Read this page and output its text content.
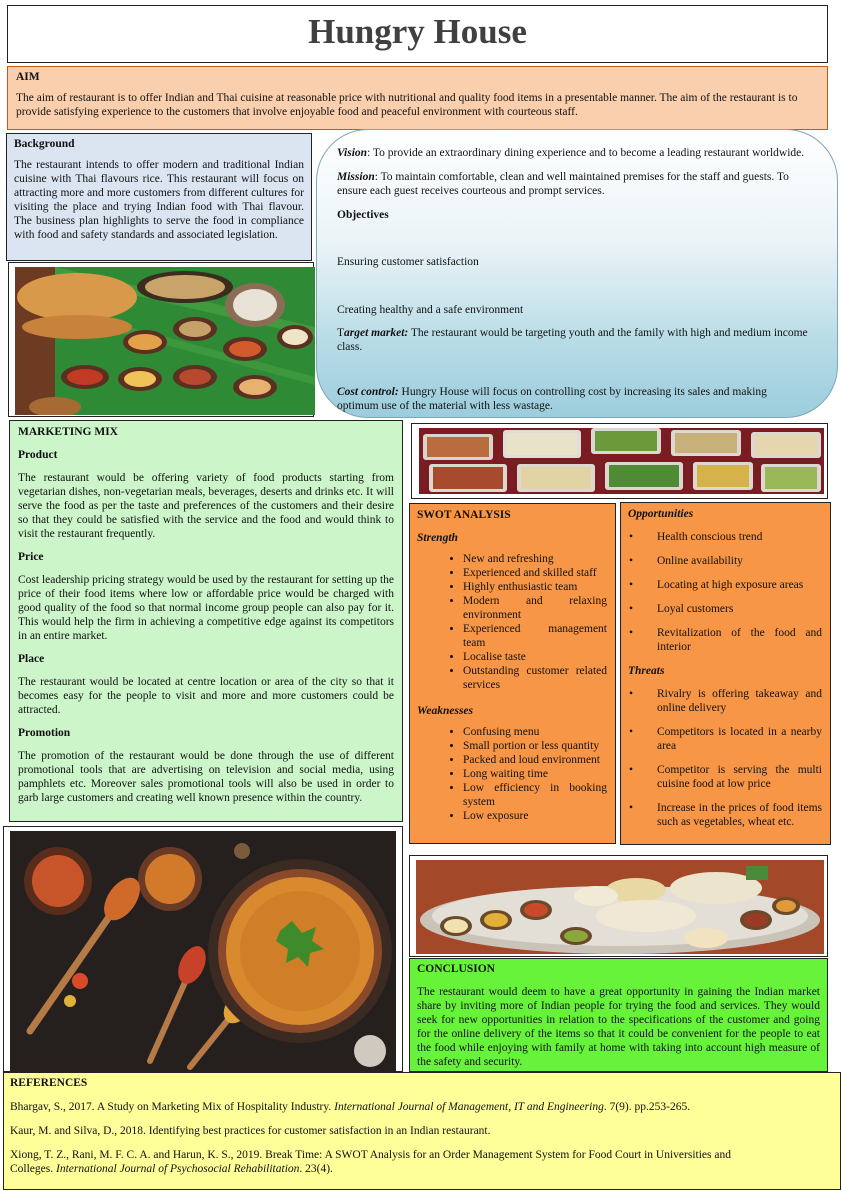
Hungry House
AIM
The aim of restaurant is to offer Indian and Thai cuisine at reasonable price with nutritional and quality food items in a presentable manner. The aim of the restaurant is to provide satisfying experience to the customers that involve enjoyable food and peaceful environment with courteous staff.
Background
The restaurant intends to offer modern and traditional Indian cuisine with Thai flavours rice. This restaurant will focus on attracting more and more customers from different cultures for visiting the place and trying Indian food with Thai flavour. The business plan highlights to serve the food in compliance with food and safety standards and associated legislation.

Vision: To provide an extraordinary dining experience and to become a leading restaurant worldwide.

Mission: To maintain comfortable, clean and well maintained premises for the staff and guests. To ensure each guest receives courteous and prompt services.

Objectives
Ensuring customer satisfaction
Creating healthy and a safe environment

Target market: The restaurant would be targeting youth and the family with high and medium income class.

Cost control: Hungry House will focus on controlling cost by increasing its sales and making optimum use of the material with less wastage.

MARKETING MIX
Product

The restaurant would be offering variety of food products starting from vegetarian dishes, non-vegetarian meals, beverages, deserts and drinks etc. It will serve the food as per the taste and preferences of the customers and their desire so that they could be satisfied with the service and the food and would think to visit the restaurant frequently.

Price

Cost leadership pricing strategy would be used by the restaurant for setting up the price of their food items where low or affordable price would be charged with good quality of the food so that normal income group people can also pay for it. This would help the firm in achieving a competitive edge against its competitors in an entire market.

Place

The restaurant would be located at centre location or area of the city so that it becomes easy for the people to visit and more and more customers could be attracted.

Promotion

The promotion of the restaurant would be done through the use of different promotional tools that are advertising on television and social media, using pamphlets etc. Moreover sales promotional tools will also be used in order to garb large customers and creating well known presence within the country.

SWOT ANALYSIS
Strength
• New and refreshing
• Experienced and skilled staff
• Highly enthusiastic team
• Modern and relaxing environment
• Experienced management team
• Localise taste
• Outstanding customer related services
Weaknesses
• Confusing menu
• Small portion or less quantity
• Packed and loud environment
• Long waiting time
• Low efficiency in booking system
• Low exposure
Opportunities
• Health conscious trend
• Online availability
• Locating at high exposure areas
• Loyal customers
• Revitalization of the food and interior
Threats
• Rivalry is offering takeaway and online delivery
• Competitors is located in a nearby area
• Competitor is serving the multi cuisine food at low price
• Increase in the prices of food items such as vegetables, wheat etc.
CONCLUSION
The restaurant would deem to have a great opportunity in gaining the Indian market share by inviting more of Indian people for trying the food and services. They would seek for new opportunities in relation to the specifications of the customer and going for the online delivery of the items so that it could be convenient for the people to eat the food while enjoying with family at home with taking into account high measure of the safety and security.
REFERENCES

Bhargav, S., 2017. A Study on Marketing Mix of Hospitality Industry. International Journal of Management, IT and Engineering. 7(9). pp.253-265.

Kaur, M. and Silva, D., 2018. Identifying best practices for customer satisfaction in an Indian restaurant.

Xiong, T. Z., Rani, M. F. C. A. and Harun, K. S., 2019. Break Time: A SWOT Analysis for an Order Management System for Food Court in Universities and Colleges. International Journal of Psychosocial Rehabilitation. 23(4).
